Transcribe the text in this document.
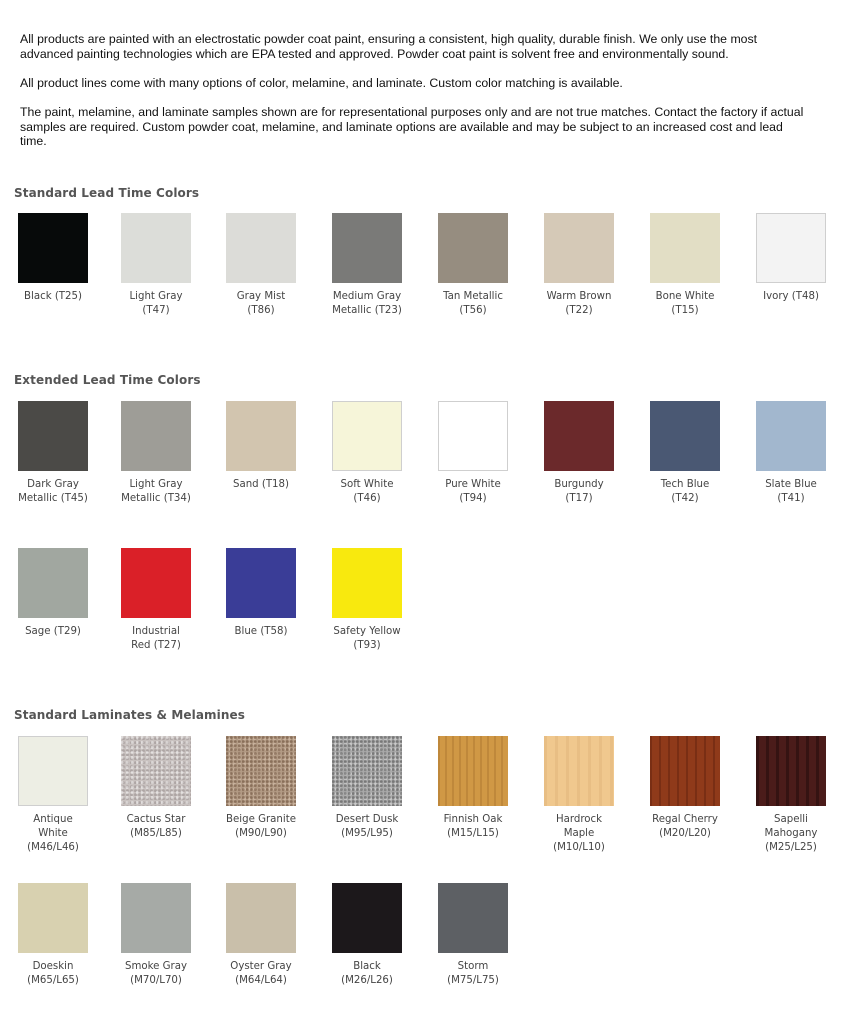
All products are painted with an electrostatic powder coat paint, ensuring a consistent, high quality, durable finish. We only use the most advanced painting technologies which are EPA tested and approved. Powder coat paint is solvent free and environmentally sound.

All product lines come with many options of color, melamine, and laminate. Custom color matching is available.

The paint, melamine, and laminate samples shown are for representational purposes only and are not true matches. Contact the factory if actual samples are required. Custom powder coat, melamine, and laminate options are available and may be subject to an increased cost and lead time.

Standard Lead Time Colors
Black (T25)	Light Gray
(T47)
Gray Mist
(T86)
Medium Gray
Metallic (T23)
Tan Metallic
(T56)
Warm Brown
(T22)
Bone White
(T15)
Ivory (T48)
Extended Lead Time Colors
Dark Gray
Metallic (T45)
Light Gray
Metallic (T34)
Sand (T18)	Soft White
(T46)
Pure White
(T94)
Burgundy
(T17)
Tech Blue
(T42)
Slate Blue
(T41)
Sage (T29)	Industrial
Red (T27)
Blue (T58)	Safety Yellow
(T93)
Standard Laminates & Melamines
Antique
White
(M46/L46)
Cactus Star
(M85/L85)
Beige Granite
(M90/L90)
Desert Dusk
(M95/L95)
Finnish Oak
(M15/L15)
Hardrock
Maple
(M10/L10)
Regal Cherry
(M20/L20)
Sapelli
Mahogany
(M25/L25)
Doeskin
(M65/L65)
Smoke Gray
(M70/L70)
Oyster Gray
(M64/L64)
Black
(M26/L26)
Storm
(M75/L75)
